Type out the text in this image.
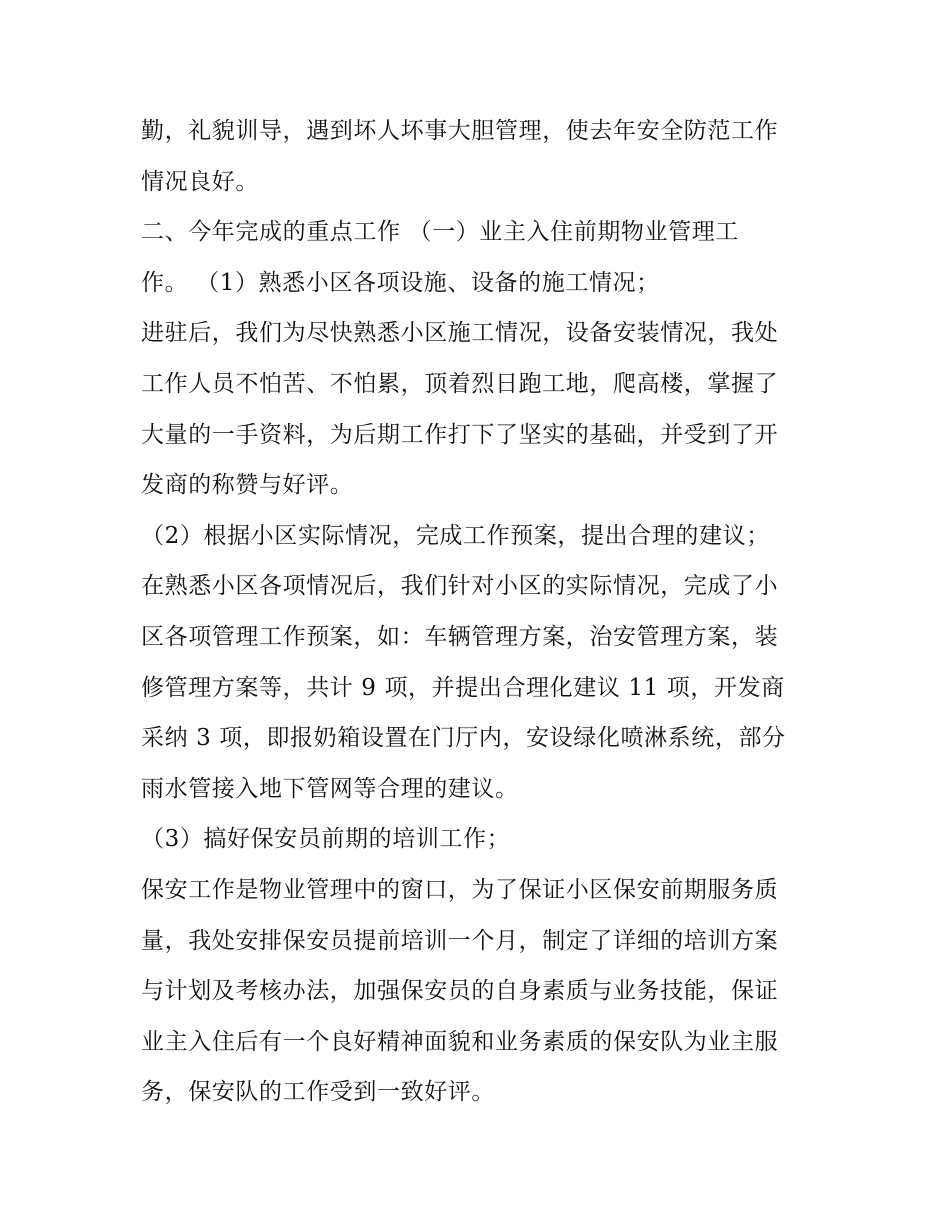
勤，礼貌训导，遇到坏人坏事大胆管理，使去年安全防范工作
情况良好。
二、今年完成的重点工作 （一）业主入住前期物业管理工
作。 （1）熟悉小区各项设施、设备的施工情况；
进驻后，我们为尽快熟悉小区施工情况，设备安装情况，我处
工作人员不怕苦、不怕累，顶着烈日跑工地，爬高楼，掌握了
大量的一手资料，为后期工作打下了坚实的基础，并受到了开
发商的称赞与好评。
（2）根据小区实际情况，完成工作预案，提出合理的建议；
在熟悉小区各项情况后，我们针对小区的实际情况，完成了小
区各项管理工作预案，如：车辆管理方案，治安管理方案，装
修管理方案等，共计 9 项，并提出合理化建议 11 项，开发商
采纳 3 项，即报奶箱设置在门厅内，安设绿化喷淋系统，部分
雨水管接入地下管网等合理的建议。
（3）搞好保安员前期的培训工作；
保安工作是物业管理中的窗口，为了保证小区保安前期服务质
量，我处安排保安员提前培训一个月，制定了详细的培训方案
与计划及考核办法，加强保安员的自身素质与业务技能，保证
业主入住后有一个良好精神面貌和业务素质的保安队为业主服
务，保安队的工作受到一致好评。
